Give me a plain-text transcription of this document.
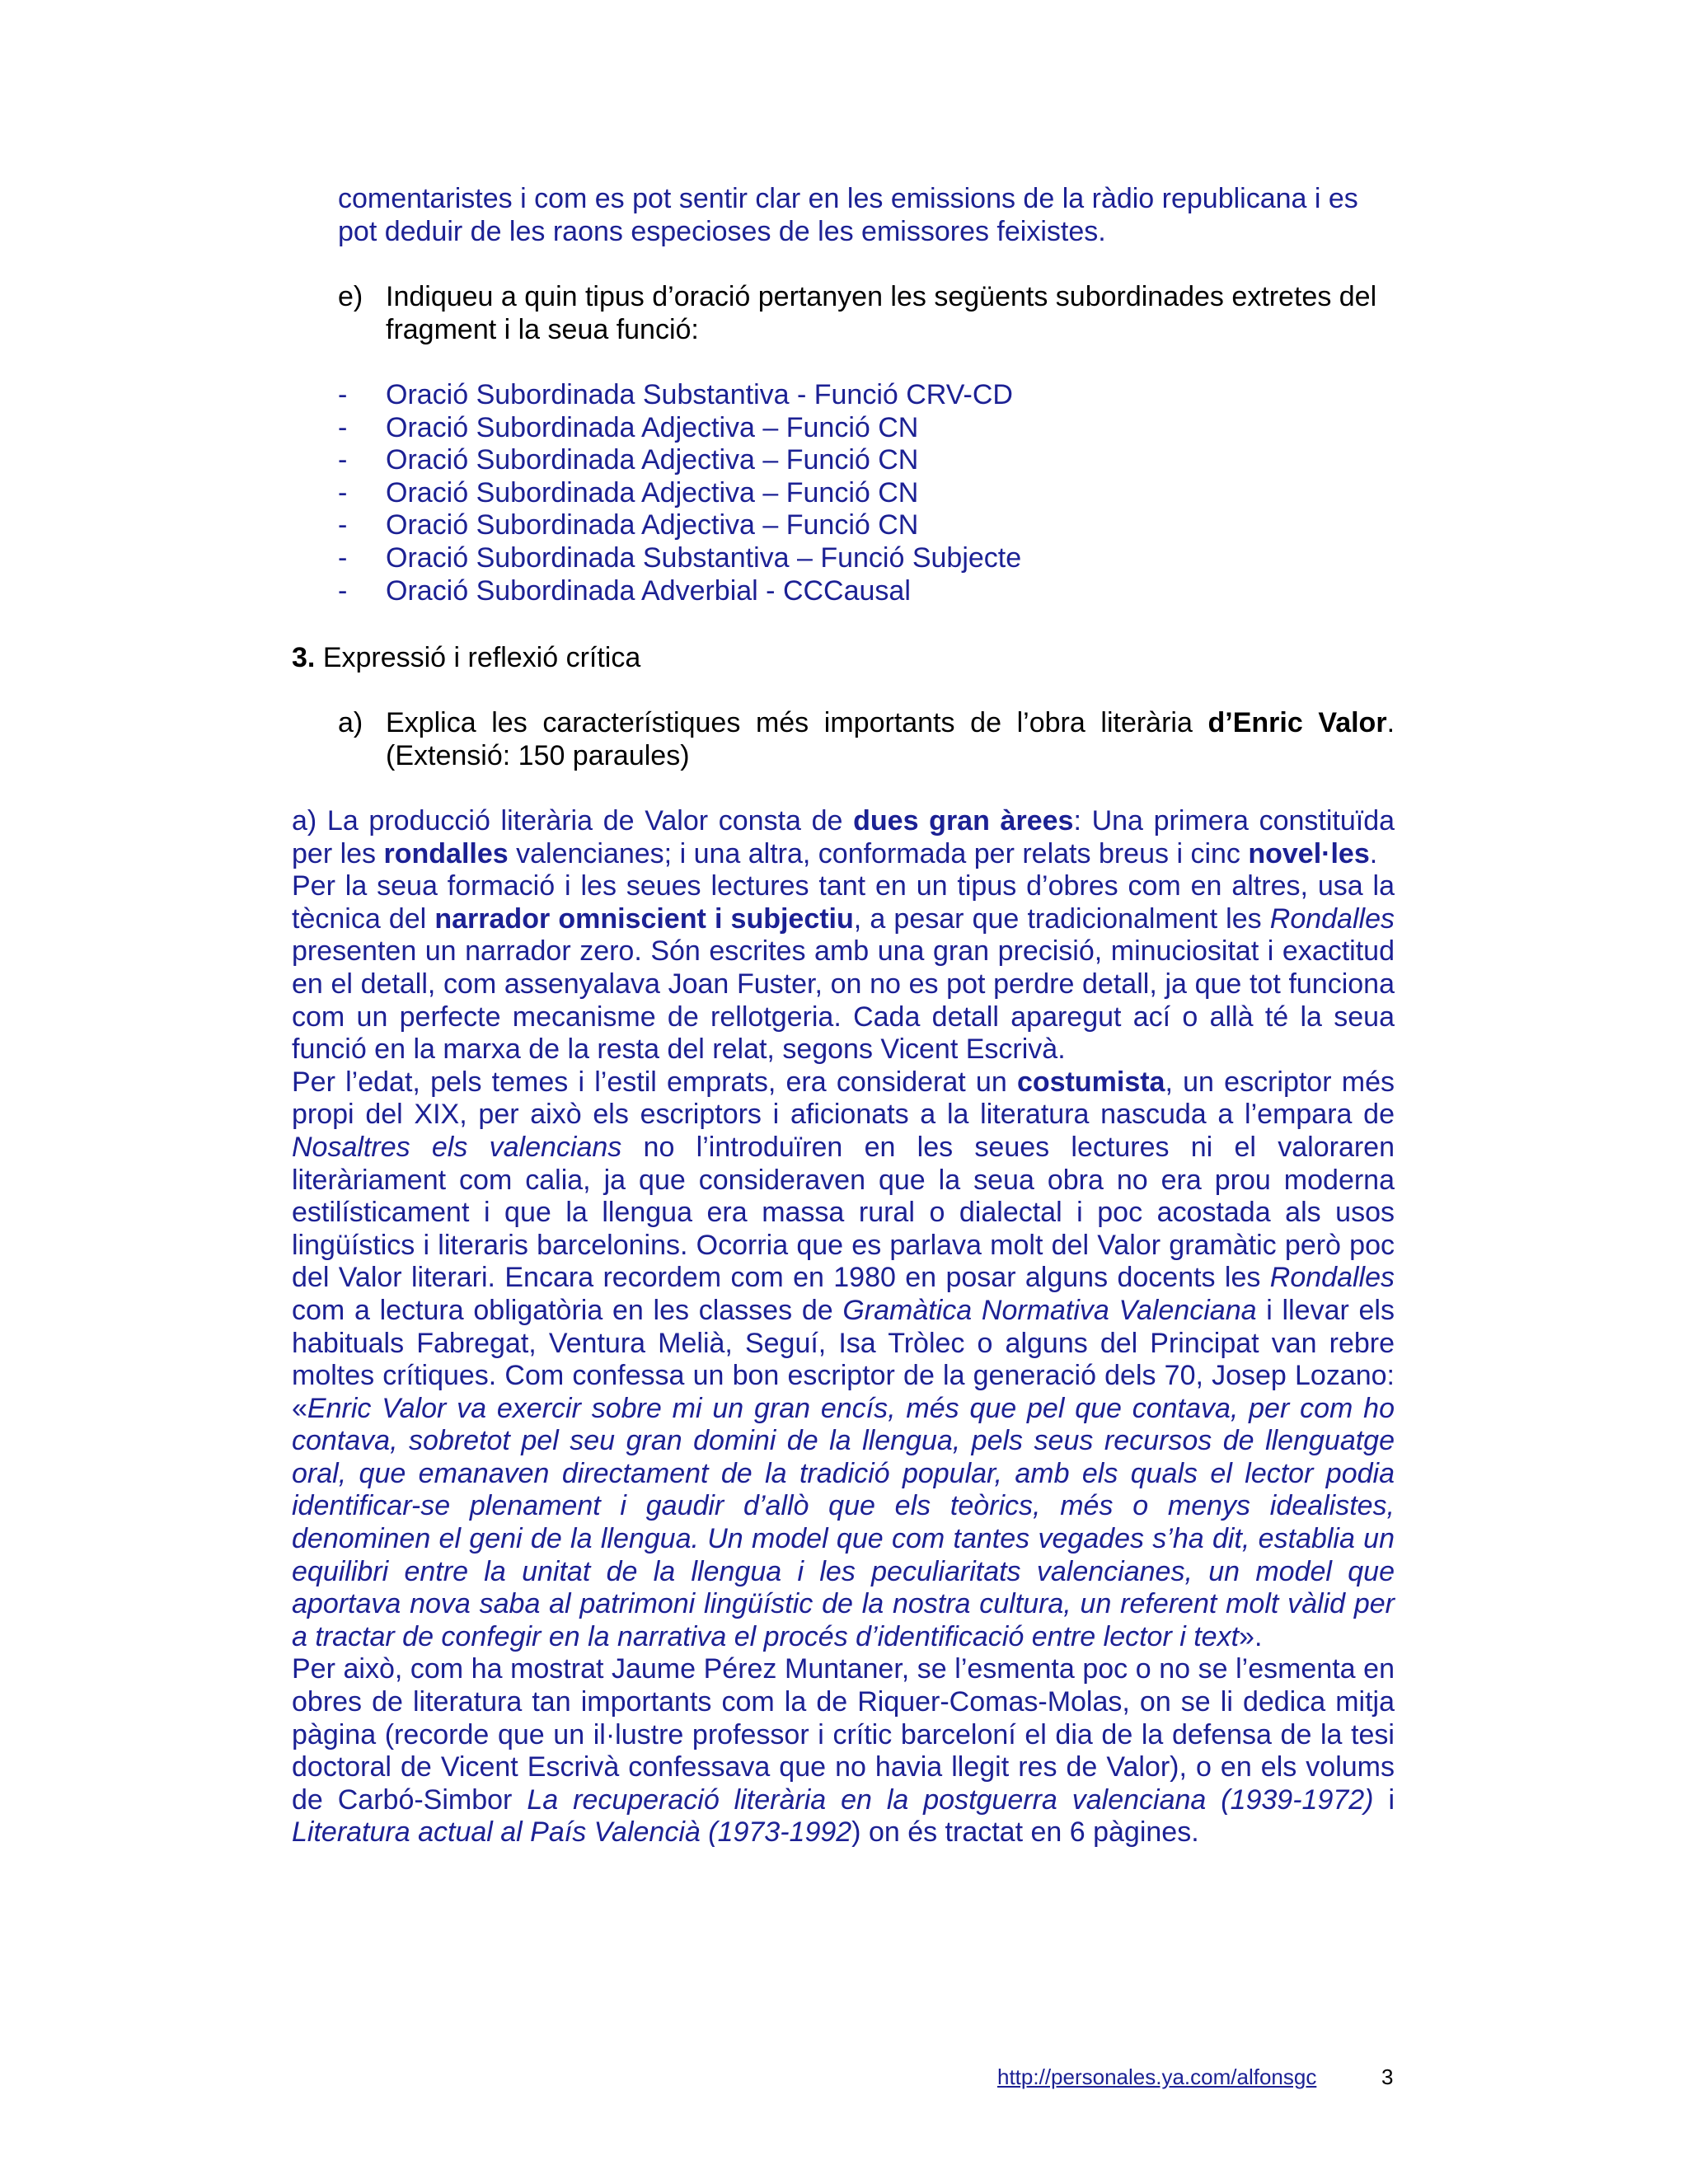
comentaristes i com es pot sentir clar en les emissions de la ràdio republicana i es
pot deduir de les raons especioses de les emissores feixistes.
e) Indiqueu a quin tipus d’oració pertanyen les següents subordinades extretes del
fragment i la seua funció:
- Oració Subordinada Substantiva - Funció CRV-CD
- Oració Subordinada Adjectiva – Funció CN
- Oració Subordinada Adjectiva – Funció CN
- Oració Subordinada Adjectiva – Funció CN
- Oració Subordinada Adjectiva – Funció CN
- Oració Subordinada Substantiva – Funció Subjecte
- Oració Subordinada Adverbial - CCCausal
3. Expressió i reflexió crítica
a) Explica les característiques més importants de l’obra literària d’Enric Valor.

(Extensió: 150 paraules)

a) La producció literària de Valor consta de dues gran àrees: Una primera constituïda per les rondalles valencianes; i una altra, conformada per relats breus i cinc novel·les.

Per la seua formació i les seues lectures tant en un tipus d’obres com en altres, usa la tècnica del narrador omniscient i subjectiu, a pesar que tradicionalment les Rondalles presenten un narrador zero. Són escrites amb una gran precisió, minuciositat i exactitud en el detall, com assenyalava Joan Fuster, on no es pot perdre detall, ja que tot funciona com un perfecte mecanisme de rellotgeria. Cada detall aparegut ací o allà té la seua funció en la marxa de la resta del relat, segons Vicent Escrivà.

Per l’edat, pels temes i l’estil emprats, era considerat un costumista, un escriptor més propi del XIX, per això els escriptors i aficionats a la literatura nascuda a l’empara de Nosaltres els valencians no l’introduïren en les seues lectures ni el valoraren literàriament com calia, ja que consideraven que la seua obra no era prou moderna estilísticament i que la llengua era massa rural o dialectal i poc acostada als usos lingüístics i literaris barcelonins. Ocorria que es parlava molt del Valor gramàtic però poc del Valor literari. Encara recordem com en 1980 en posar alguns docents les Rondalles com a lectura obligatòria en les classes de Gramàtica Normativa Valenciana i llevar els habituals Fabregat, Ventura Melià, Seguí, Isa Tròlec o alguns del Principat van rebre moltes crítiques. Com confessa un bon escriptor de la generació dels 70, Josep Lozano: «Enric Valor va exercir sobre mi un gran encís, més que pel que contava, per com ho contava, sobretot pel seu gran domini de la llengua, pels seus recursos de llenguatge oral, que emanaven directament de la tradició popular, amb els quals el lector podia identificar-se plenament i gaudir d’allò que els teòrics, més o menys idealistes, denominen el geni de la llengua. Un model que com tantes vegades s’ha dit, establia un equilibri entre la unitat de la llengua i les peculiaritats valencianes, un model que aportava nova saba al patrimoni lingüístic de la nostra cultura, un referent molt vàlid per a tractar de confegir en la narrativa el procés d’identificació entre lector i text».

Per això, com ha mostrat Jaume Pérez Muntaner, se l’esmenta poc o no se l’esmenta en obres de literatura tan importants com la de Riquer-Comas-Molas, on se li dedica mitja pàgina (recorde que un il·lustre professor i crític barceloní el dia de la defensa de la tesi doctoral de Vicent Escrivà confessava que no havia llegit res de Valor), o en els volums de Carbó-Simbor La recuperació literària en la postguerra valenciana (1939-1972) i Literatura actual al País Valencià (1973-1992) on és tractat en 6 pàgines.

http://personales.ya.com/alfonsgc	3
